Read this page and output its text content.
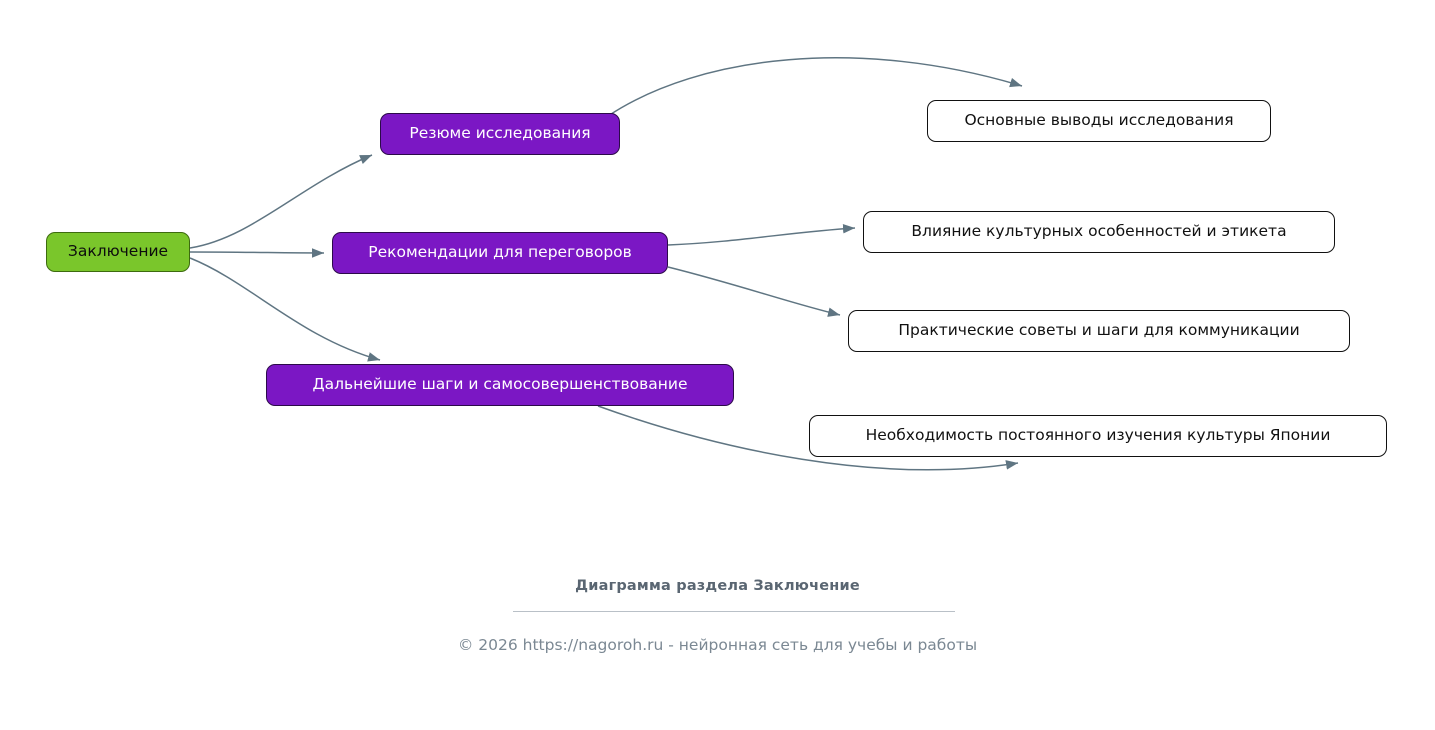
Заключение
Резюме исследования
Рекомендации для переговоров
Дальнейшие шаги и самосовершенствование
Основные выводы исследования
Влияние культурных особенностей и этикета
Практические советы и шаги для коммуникации
Необходимость постоянного изучения культуры Японии
Диаграмма раздела Заключение
© 2026 https://nagoroh.ru - нейронная сеть для учебы и работы
